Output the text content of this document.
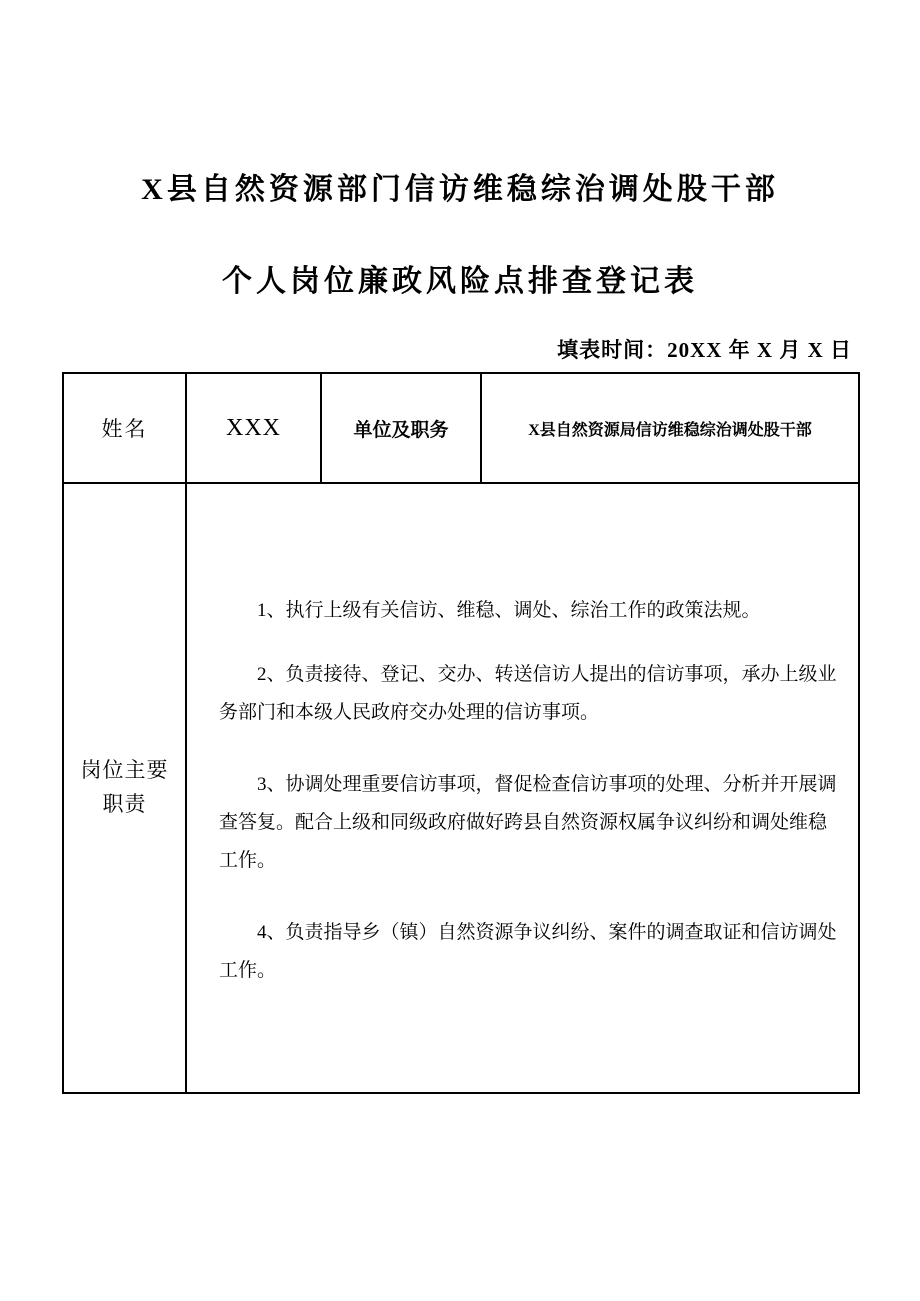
X县自然资源部门信访维稳综治调处股干部
个人岗位廉政风险点排查登记表
填表时间：20XX 年 X 月 X 日
姓名	XXX	单位及职务	X县自然资源局信访维稳综治调处股干部
岗位主要职责	1、执行上级有关信访、维稳、调处、综治工作的政策法规。

2、负责接待、登记、交办、转送信访人提出的信访事项，承办上级业务部门和本级人民政府交办处理的信访事项。

3、协调处理重要信访事项，督促检查信访事项的处理、分析并开展调查答复。配合上级和同级政府做好跨县自然资源权属争议纠纷和调处维稳工作。

4、负责指导乡（镇）自然资源争议纠纷、案件的调查取证和信访调处工作。		
